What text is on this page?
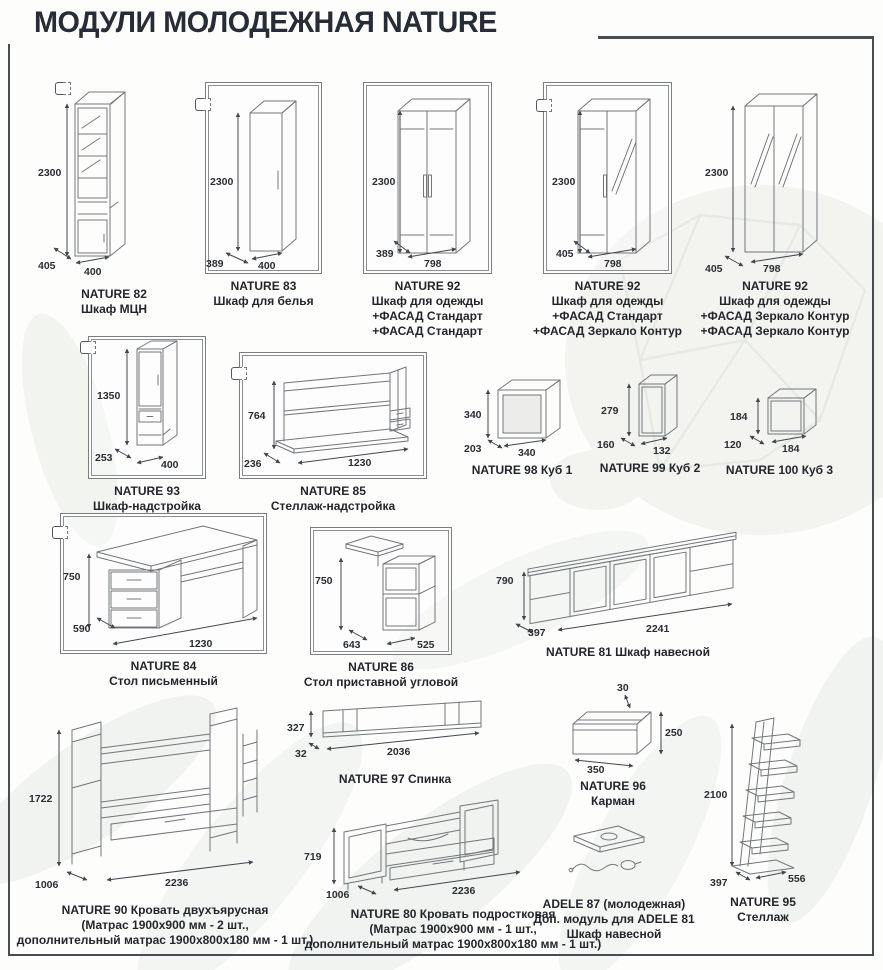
МОДУЛИ МОЛОДЕЖНАЯ NATURE
2300
405	400
NATURE 82
Шкаф МЦН
2300
389	400
NATURE 83
Шкаф для белья
2300
389
798
NATURE 92
Шкаф для одежды
+ФАСАД Стандарт
+ФАСАД Стандарт
2300
405
798
NATURE 92
Шкаф для одежды
+ФАСАД Стандарт
+ФАСАД Зеркало Контур
2300
405	798
NATURE 92
Шкаф для одежды
+ФАСАД Зеркало Контур
+ФАСАД Зеркало Контур
1350
253
400
NATURE 93
Шкаф-надстройка
764
236	1230
NATURE 85
Стеллаж-надстройка
340
203	340
NATURE 98 Куб 1
279
160	132
NATURE 99 Куб 2
184
120	184
NATURE 100 Куб 3
750
590
1230
NATURE 84
Стол письменный
750
643	525
NATURE 86
Стол приставной угловой
790
397	2241
NATURE 81 Шкаф навесной
1722
1006	2236
NATURE 90 Кровать двухъярусная
(Матрас 1900х900 мм - 2 шт.,
дополнительный матрас 1900х800х180 мм - 1 шт.)
327
32	2036
NATURE 97 Спинка
30
250
350
NATURE 96
Карман
719
1006	2236
NATURE 80 Кровать подростковая
(Матрас 1900х900 мм - 1 шт.,
дополнительный матрас 1900х800х180 мм - 1 шт.)
ADELE 87 (молодежная)
Доп. модуль для ADELE 81
Шкаф навесной
2100
397	556
NATURE 95
Стеллаж
